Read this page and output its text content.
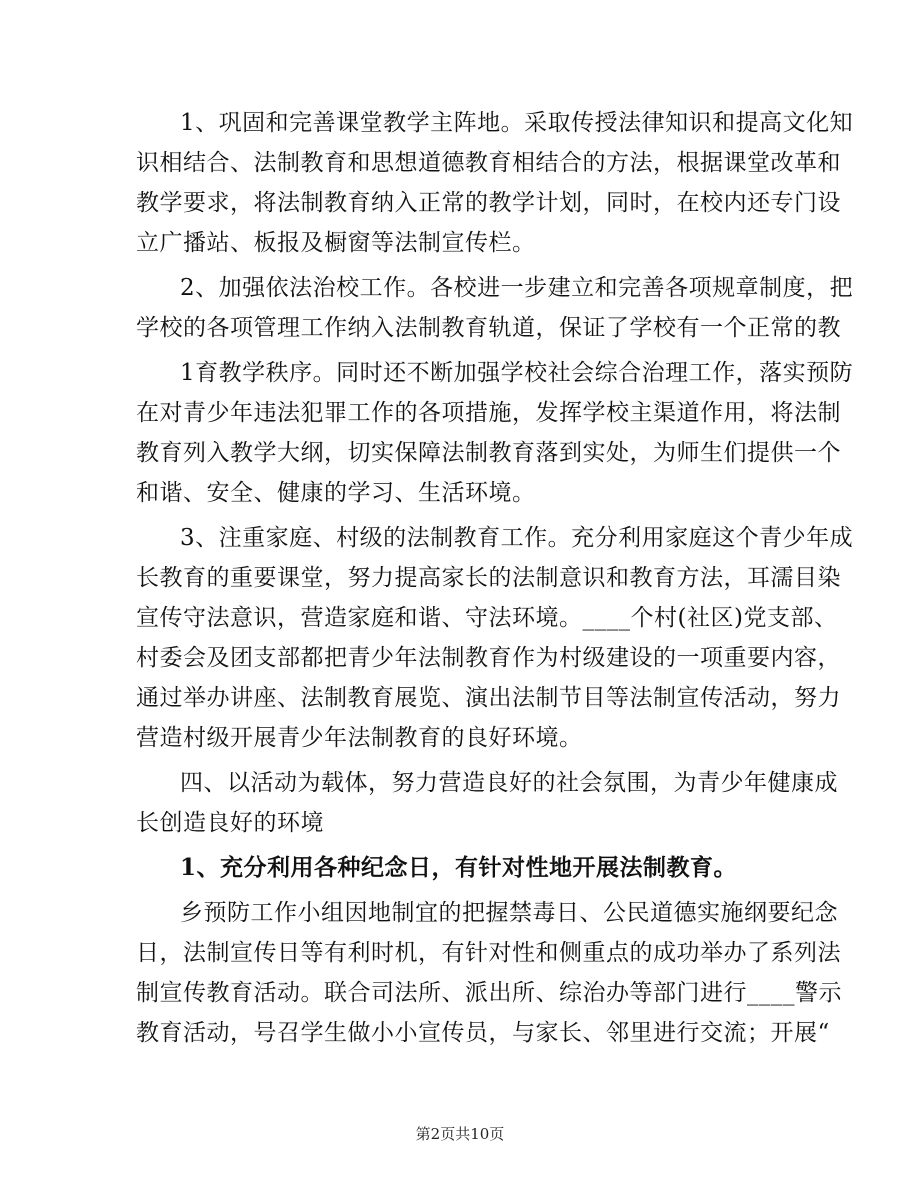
1、巩固和完善课堂教学主阵地。采取传授法律知识和提高文化知
识相结合、法制教育和思想道德教育相结合的方法，根据课堂改革和
教学要求，将法制教育纳入正常的教学计划，同时，在校内还专门设
立广播站、板报及橱窗等法制宣传栏。
2、加强依法治校工作。各校进一步建立和完善各项规章制度，把
学校的各项管理工作纳入法制教育轨道，保证了学校有一个正常的教
1育教学秩序。同时还不断加强学校社会综合治理工作，落实预防
在对青少年违法犯罪工作的各项措施，发挥学校主渠道作用，将法制
教育列入教学大纲，切实保障法制教育落到实处，为师生们提供一个
和谐、安全、健康的学习、生活环境。
3、注重家庭、村级的法制教育工作。充分利用家庭这个青少年成
长教育的重要课堂，努力提高家长的法制意识和教育方法，耳濡目染
宣传守法意识，营造家庭和谐、守法环境。____个村(社区)党支部、
村委会及团支部都把青少年法制教育作为村级建设的一项重要内容，
通过举办讲座、法制教育展览、演出法制节目等法制宣传活动，努力
营造村级开展青少年法制教育的良好环境。
四、以活动为载体，努力营造良好的社会氛围，为青少年健康成
长创造良好的环境
1、充分利用各种纪念日，有针对性地开展法制教育。
乡预防工作小组因地制宜的把握禁毒日、公民道德实施纲要纪念
日，法制宣传日等有利时机，有针对性和侧重点的成功举办了系列法
制宣传教育活动。联合司法所、派出所、综治办等部门进行____警示
教育活动，号召学生做小小宣传员，与家长、邻里进行交流；开展“
第2页共10页
